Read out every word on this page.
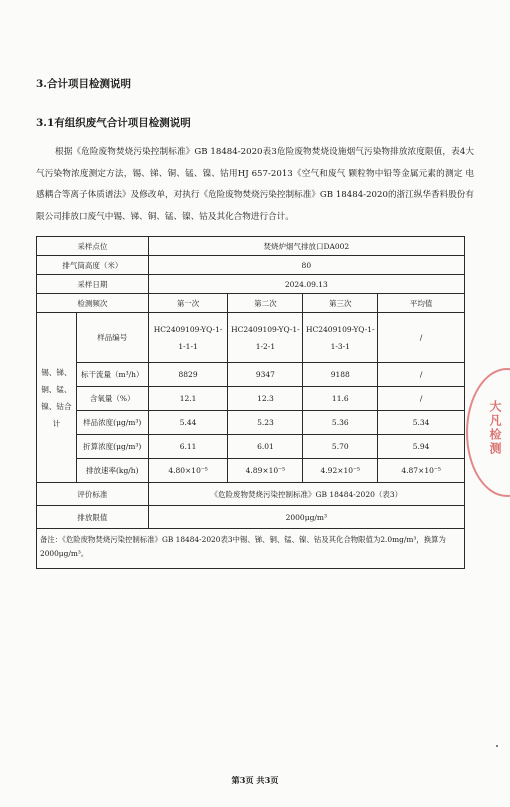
3.合计项目检测说明
3.1有组织废气合计项目检测说明
根据《危险废物焚烧污染控制标准》GB 18484-2020表3危险废物焚烧设施烟气污染物排放浓度限值，表4大气污染物浓度测定方法，锡、锑、铜、锰、镍、钴用HJ 657-2013《空气和废气 颗粒物中铅等金属元素的测定 电感耦合等离子体质谱法》及修改单，对执行《危险废物焚烧污染控制标准》GB 18484-2020的浙江纵华香料股份有限公司排放口废气中锡、锑、铜、锰、镍、钴及其化合物进行合计。
采样点位		焚烧炉烟气排放口DA002			
排气筒高度（米）		80			
采样日期		2024.09.13			
检测频次		第一次	第二次	第三次	平均值
锡、锑、铜、锰、镍、钴合计	样品编号	HC2409109-YQ-1-1-1-1	HC2409109-YQ-1-1-2-1	HC2409109-YQ-1-1-3-1	/
	标干流量（m³/h）	8829	9347	9188	/
	含氧量（%）	12.1	12.3	11.6	/
	样品浓度(μg/m³)	5.44	5.23	5.36	5.34
	折算浓度(μg/m³)	6.11	6.01	5.70	5.94
	排放速率(kg/h)	4.80×10⁻⁵	4.89×10⁻⁵	4.92×10⁻⁵	4.87×10⁻⁵
评价标准		《危险废物焚烧污染控制标准》GB 18484-2020（表3）			
排放限值		2000μg/m³			
备注：《危险废物焚烧污染控制标准》GB 18484-2020表3中锡、锑、铜、锰、镍、钴及其化合物限值为2.0mg/m³，换算为2000μg/m³。					
大凡检测
第3页 共3页
